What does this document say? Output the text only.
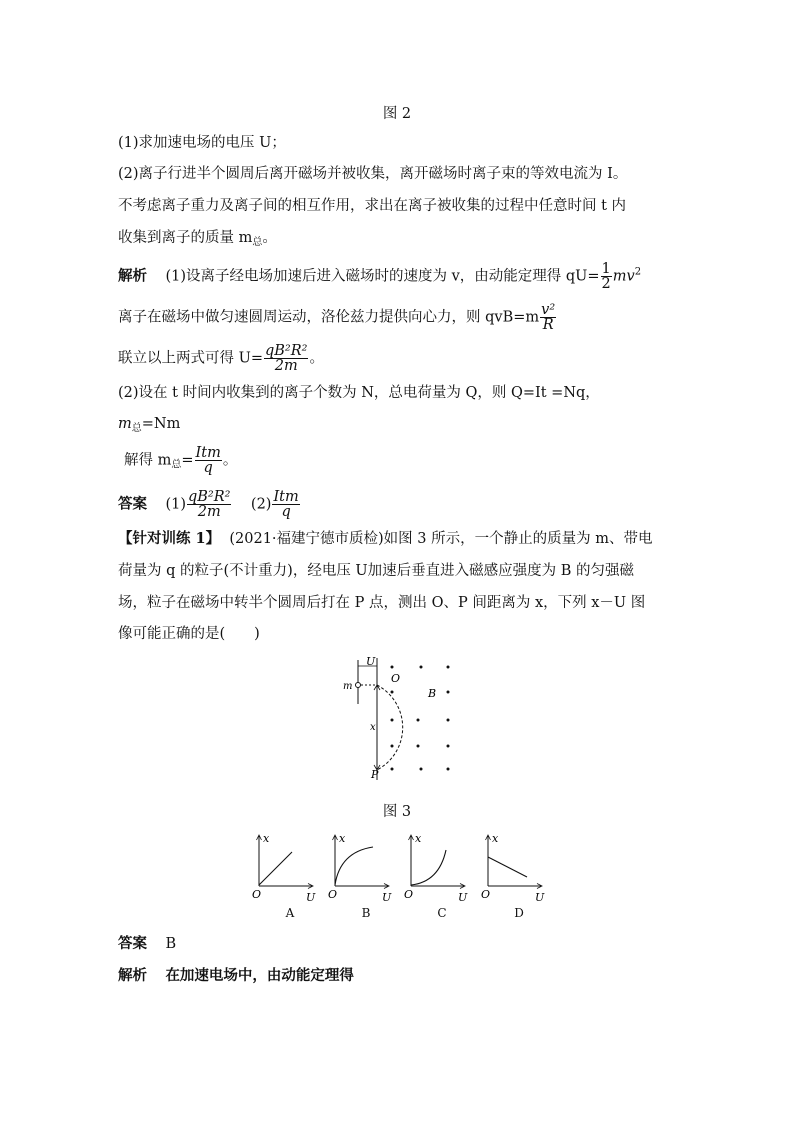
图 2
(1)求加速电场的电压 U；
(2)离子行进半个圆周后离开磁场并被收集，离开磁场时离子束的等效电流为 I。
不考虑离子重力及离子间的相互作用，求出在离子被收集的过程中任意时间 t 内
收集到离子的质量 $m_总$。
解析 (1)设离子经电场加速后进入磁场时的速度为 v，由动能定理得 $qU= \frac{1}{2} mv^2$
离子在磁场中做匀速圆周运动，洛伦兹力提供向心力，则 $qvB=m \frac{\text{v²}}{R}$
联立以上两式可得 $U= \frac{\text{qB²R²}}{2m}$ 。
(2)设在 t 时间内收集到的离子个数为 N，总电荷量为 Q，则 Q=It =Nq，
$m_总=Nm$
解得 $m_总= \frac{\text{Itm}}{q}$ 。
答案 $(1) \frac{\text{qB²R²}}{2m} (2) \frac{\text{Itm}}{q}$
【针对训练 1】 (2021·福建宁德市质检)如图 3 所示，一个静止的质量为 m、带电
荷量为 q 的粒子(不计重力)，经电压 U加速后垂直进入磁感应强度为 B 的匀强磁
场，粒子在磁场中转半个圆周后打在 P 点，测出 O、P 间距离为 x，下列 x－U 图
像可能正确的是(　　)
U
m
O
B
x
P
图 3
x
U
O
A
x
U
O
B
x
U
O
C
x
U
O
D
答案 B
解析 在加速电场中，由动能定理得
